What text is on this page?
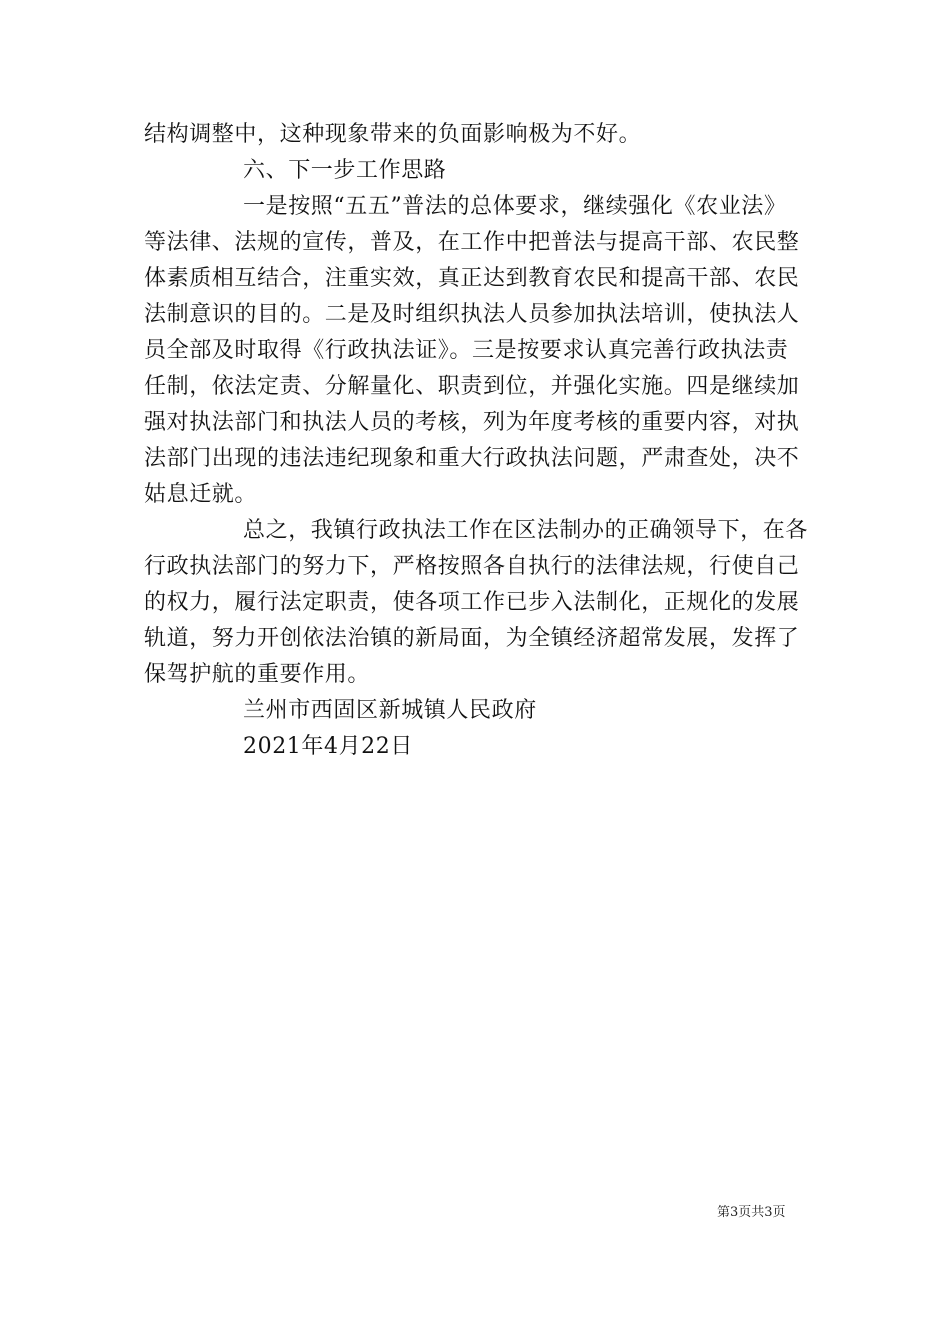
结构调整中，这种现象带来的负面影响极为不好。
六、下一步工作思路
一是按照“五五”普法的总体要求，继续强化《农业法》
等法律、法规的宣传，普及，在工作中把普法与提高干部、农民整
体素质相互结合，注重实效，真正达到教育农民和提高干部、农民
法制意识的目的。二是及时组织执法人员参加执法培训，使执法人
员全部及时取得《行政执法证》。三是按要求认真完善行政执法责
任制，依法定责、分解量化、职责到位，并强化实施。四是继续加
强对执法部门和执法人员的考核，列为年度考核的重要内容，对执
法部门出现的违法违纪现象和重大行政执法问题，严肃查处，决不
姑息迁就。
总之，我镇行政执法工作在区法制办的正确领导下，在各
行政执法部门的努力下，严格按照各自执行的法律法规，行使自己
的权力，履行法定职责，使各项工作已步入法制化，正规化的发展
轨道，努力开创依法治镇的新局面，为全镇经济超常发展，发挥了
保驾护航的重要作用。
兰州市西固区新城镇人民政府
2021年4月22日
第3页共3页
